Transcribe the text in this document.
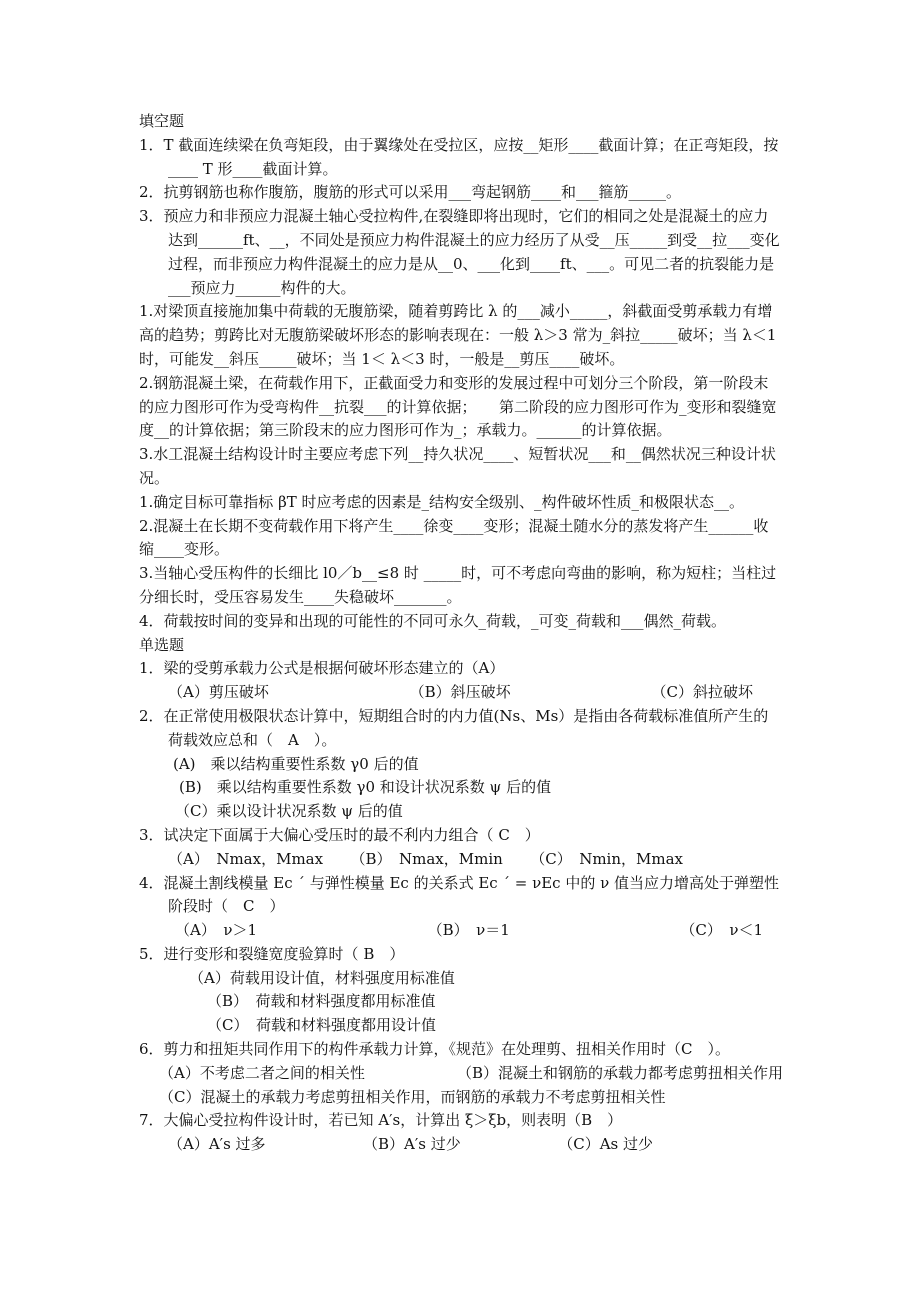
填空题
1．T 截面连续梁在负弯矩段，由于翼缘处在受拉区，应按__矩形____截面计算；在正弯矩段，按____ T 形____截面计算。
2．抗剪钢筋也称作腹筋，腹筋的形式可以采用___弯起钢筋____和___箍筋_____。
3．预应力和非预应力混凝土轴心受拉构件,在裂缝即将出现时，它们的相同之处是混凝土的应力达到______ft、__，不同处是预应力构件混凝土的应力经历了从受__压_____到受__拉___变化过程，而非预应力构件混凝土的应力是从__0、___化到____ft、___。可见二者的抗裂能力是___预应力______构件的大。
1.对梁顶直接施加集中荷载的无腹筋梁，随着剪跨比 λ 的___减小_____，斜截面受剪承载力有增高的趋势；剪跨比对无腹筋梁破坏形态的影响表现在：一般 λ＞3 常为_斜拉_____破坏；当 λ＜1 时，可能发__斜压_____破坏；当 1＜ λ＜3 时，一般是__剪压____破坏。
2.钢筋混凝土梁，在荷载作用下，正截面受力和变形的发展过程中可划分三个阶段，第一阶段末的应力图形可作为受弯构件__抗裂___的计算依据；　　第二阶段的应力图形可作为_变形和裂缝宽度__的计算依据；第三阶段末的应力图形可作为_；承载力。______的计算依据。
3.水工混凝土结构设计时主要应考虑下列__持久状况____、短暂状况___和__偶然状况三种设计状况。
1.确定目标可靠指标 βT 时应考虑的因素是_结构安全级别、_构件破坏性质_和极限状态__。
2.混凝土在长期不变荷载作用下将产生____徐变____变形；混凝土随水分的蒸发将产生______收缩____变形。
3.当轴心受压构件的长细比 l0／b__≤8 时 _____时，可不考虑向弯曲的影响，称为短柱；当柱过分细长时，受压容易发生____失稳破坏_______。
4．荷载按时间的变异和出现的可能性的不同可永久_荷载，_可变_荷载和___偶然_荷载。
单选题
1．梁的受剪承载力公式是根据何破坏形态建立的（A）
（A）剪压破坏	（B）斜压破坏	（C）斜拉破坏
2．在正常使用极限状态计算中，短期组合时的内力值(Ns、Ms）是指由各荷载标准值所产生的荷载效应总和（　A　）。
(A)　乘以结构重要性系数 γ0 后的值
(B)　乘以结构重要性系数 γ0 和设计状况系数 ψ 后的值
（C）乘以设计状况系数 ψ 后的值
3．试决定下面属于大偏心受压时的最不利内力组合（ C　）
（A）　Nmax，Mmax （B）　Nmax，Mmin （C）　Nmin，Mmax
4．混凝土割线模量 Ec ´ 与弹性模量 Ec 的关系式 Ec ´ = νEc 中的 ν 值当应力增高处于弹塑性阶段时（　C　）
（A）　ν＞1	（B）　ν＝1	（C）　ν＜1
5．进行变形和裂缝宽度验算时（ B　）
（A）荷载用设计值，材料强度用标准值
（B）　荷载和材料强度都用标准值
（C）　荷载和材料强度都用设计值
6．剪力和扭矩共同作用下的构件承载力计算，《规范》在处理剪、扭相关作用时（C　）。
（A）不考虑二者之间的相关性	（B）混凝土和钢筋的承载力都考虑剪扭相关作用
（C）混凝土的承载力考虑剪扭相关作用，而钢筋的承载力不考虑剪扭相关性
7．大偏心受拉构件设计时，若已知 A′s，计算出 ξ＞ξb，则表明（B　）
（A）A′s 过多	（B）A′s 过少	（C）As 过少
